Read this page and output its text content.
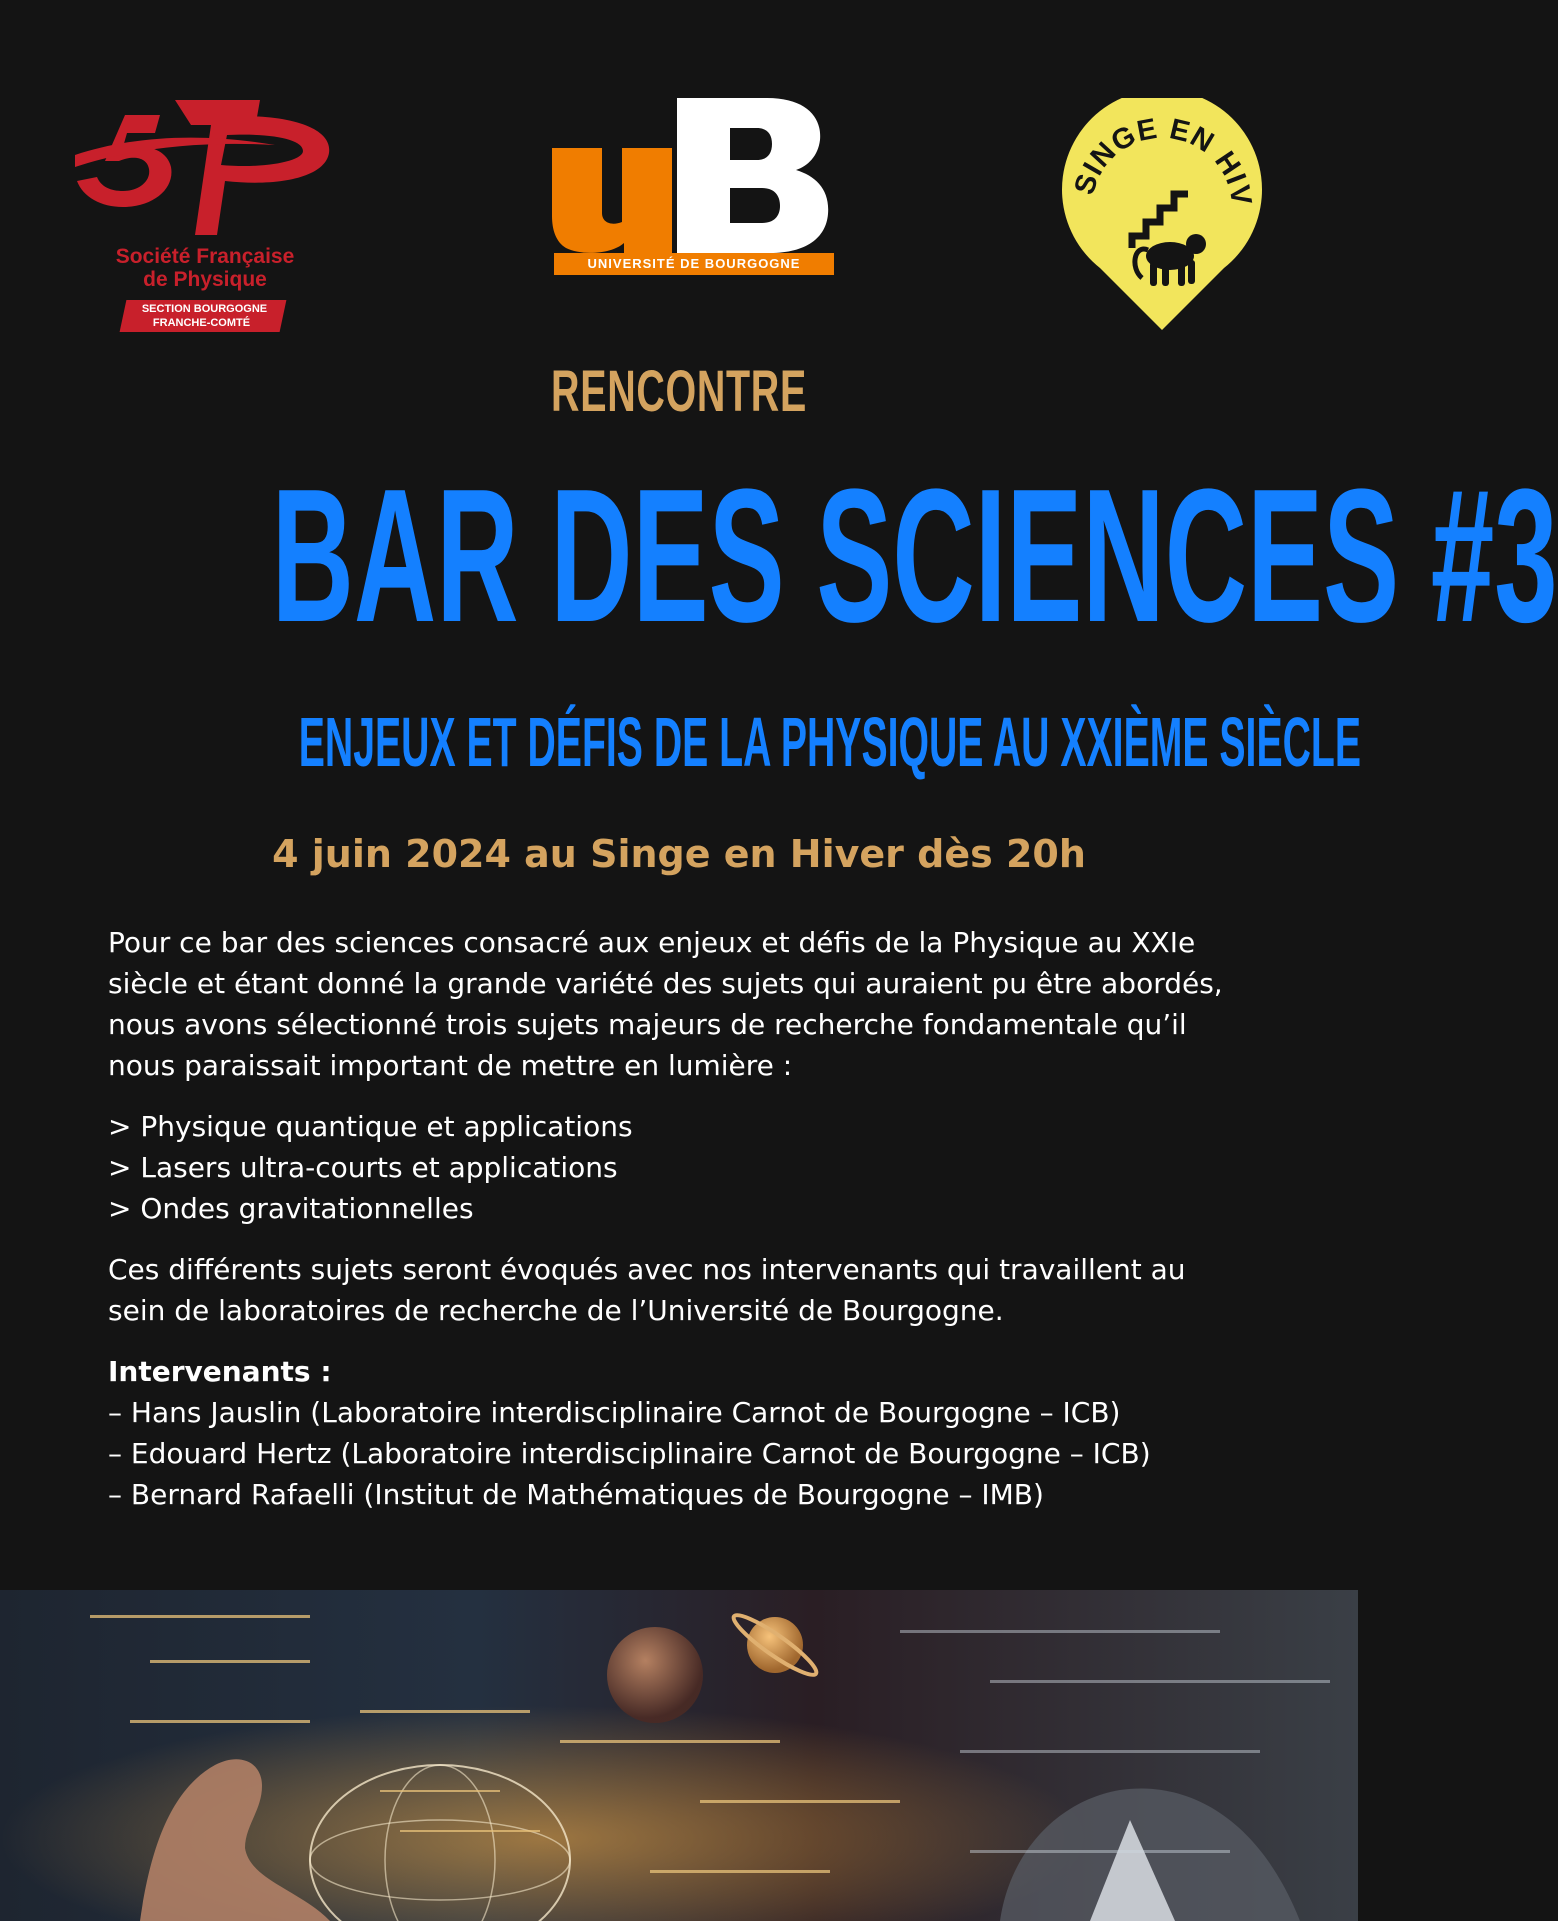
Société Française
de Physique
SECTION BOURGOGNE
FRANCHE-COMTÉ
UNIVERSITÉ DE BOURGOGNE
SINGE EN HIV
RENCONTRE
BAR DES SCIENCES #3
ENJEUX ET DÉFIS DE LA PHYSIQUE AU XXIÈME SIÈCLE
4 juin 2024 au Singe en Hiver dès 20h

Pour ce bar des sciences consacré aux enjeux et défis de la Physique au XXIe
siècle et étant donné la grande variété des sujets qui auraient pu être abordés,
nous avons sélectionné trois sujets majeurs de recherche fondamentale qu’il
nous paraissait important de mettre en lumière :

> Physique quantique et applications
> Lasers ultra-courts et applications
> Ondes gravitationnelles

Ces différents sujets seront évoqués avec nos intervenants qui travaillent au
sein de laboratoires de recherche de l’Université de Bourgogne.

Intervenants :
– Hans Jauslin (Laboratoire interdisciplinaire Carnot de Bourgogne – ICB)
– Edouard Hertz (Laboratoire interdisciplinaire Carnot de Bourgogne – ICB)
– Bernard Rafaelli (Institut de Mathématiques de Bourgogne – IMB)
